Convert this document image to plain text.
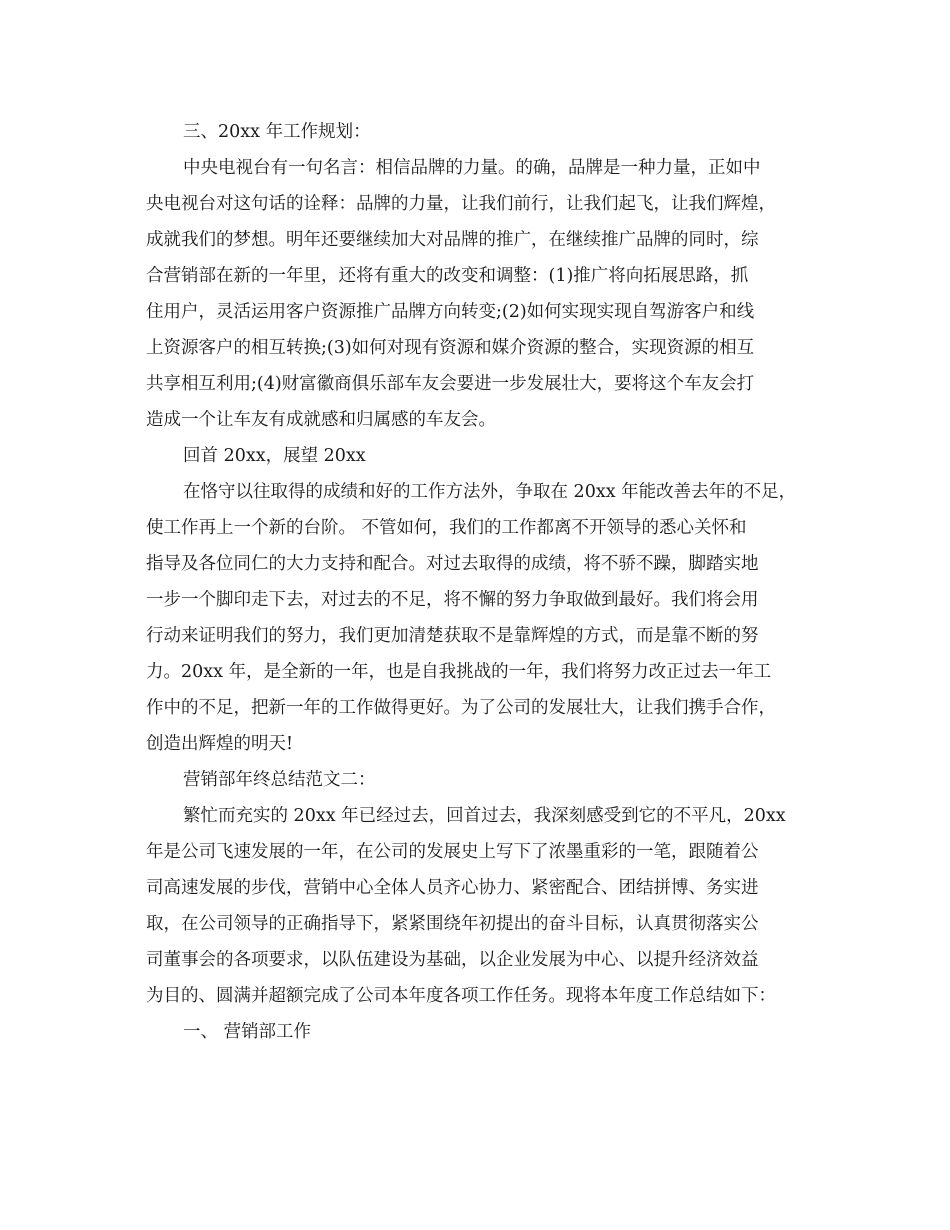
三、20xx 年工作规划：
中央电视台有一句名言：相信品牌的力量。的确，品牌是一种力量，正如中
央电视台对这句话的诠释：品牌的力量，让我们前行，让我们起飞，让我们辉煌，
成就我们的梦想。明年还要继续加大对品牌的推广，在继续推广品牌的同时，综
合营销部在新的一年里，还将有重大的改变和调整：(1)推广将向拓展思路，抓
住用户，灵活运用客户资源推广品牌方向转变;(2)如何实现实现自驾游客户和线
上资源客户的相互转换;(3)如何对现有资源和媒介资源的整合，实现资源的相互
共享相互利用;(4)财富徽商俱乐部车友会要进一步发展壮大，要将这个车友会打
造成一个让车友有成就感和归属感的车友会。
回首 20xx，展望 20xx
在恪守以往取得的成绩和好的工作方法外，争取在 20xx 年能改善去年的不足，
使工作再上一个新的台阶。 不管如何，我们的工作都离不开领导的悉心关怀和
指导及各位同仁的大力支持和配合。对过去取得的成绩，将不骄不躁，脚踏实地
一步一个脚印走下去，对过去的不足，将不懈的努力争取做到最好。我们将会用
行动来证明我们的努力，我们更加清楚获取不是靠辉煌的方式，而是靠不断的努
力。20xx 年，是全新的一年，也是自我挑战的一年，我们将努力改正过去一年工
作中的不足，把新一年的工作做得更好。为了公司的发展壮大，让我们携手合作，
创造出辉煌的明天!
营销部年终总结范文二：
繁忙而充实的 20xx 年已经过去，回首过去，我深刻感受到它的不平凡，20xx
年是公司飞速发展的一年，在公司的发展史上写下了浓墨重彩的一笔，跟随着公
司高速发展的步伐，营销中心全体人员齐心协力、紧密配合、团结拼博、务实进
取，在公司领导的正确指导下，紧紧围绕年初提出的奋斗目标，认真贯彻落实公
司董事会的各项要求，以队伍建设为基础，以企业发展为中心、以提升经济效益
为目的、圆满并超额完成了公司本年度各项工作任务。现将本年度工作总结如下：
一、 营销部工作
